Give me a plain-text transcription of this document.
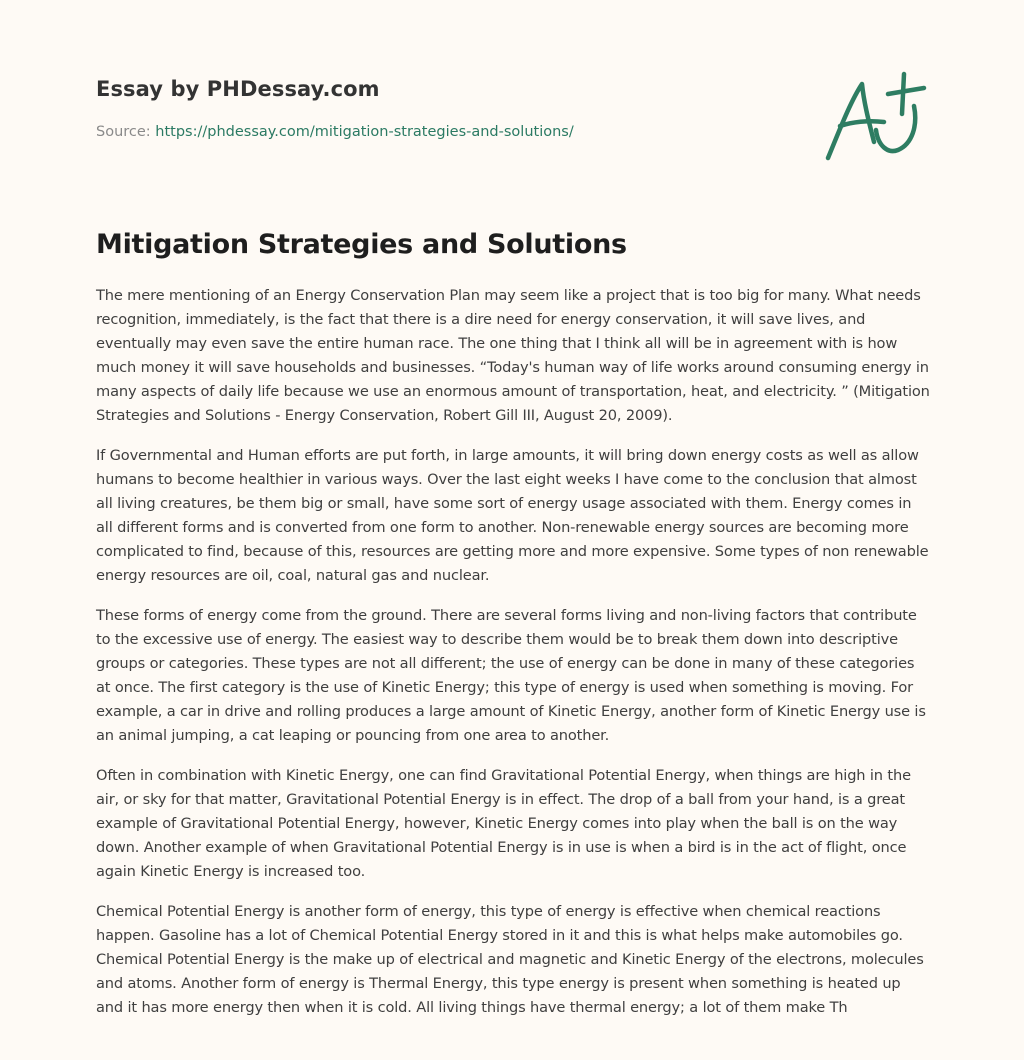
Essay by PHDessay.com
Source: https://phdessay.com/mitigation-strategies-and-solutions/
Mitigation Strategies and Solutions

The mere mentioning of an Energy Conservation Plan may seem like a project that is too big for many. What needs recognition, immediately, is the fact that there is a dire need for energy conservation, it will save lives, and eventually may even save the entire human race. The one thing that I think all will be in agreement with is how much money it will save households and businesses. “Today's human way of life works around consuming energy in many aspects of daily life because we use an enormous amount of transportation, heat, and electricity. ” (Mitigation Strategies and Solutions - Energy Conservation, Robert Gill III, August 20, 2009).

If Governmental and Human efforts are put forth, in large amounts, it will bring down energy costs as well as allow humans to become healthier in various ways. Over the last eight weeks I have come to the conclusion that almost all living creatures, be them big or small, have some sort of energy usage associated with them. Energy comes in all different forms and is converted from one form to another. Non-renewable energy sources are becoming more complicated to find, because of this, resources are getting more and more expensive. Some types of non renewable energy resources are oil, coal, natural gas and nuclear.

These forms of energy come from the ground. There are several forms living and non-living factors that contribute to the excessive use of energy. The easiest way to describe them would be to break them down into descriptive groups or categories. These types are not all different; the use of energy can be done in many of these categories at once. The first category is the use of Kinetic Energy; this type of energy is used when something is moving. For example, a car in drive and rolling produces a large amount of Kinetic Energy, another form of Kinetic Energy use is an animal jumping, a cat leaping or pouncing from one area to another.

Often in combination with Kinetic Energy, one can find Gravitational Potential Energy, when things are high in the air, or sky for that matter, Gravitational Potential Energy is in effect. The drop of a ball from your hand, is a great example of Gravitational Potential Energy, however, Kinetic Energy comes into play when the ball is on the way down. Another example of when Gravitational Potential Energy is in use is when a bird is in the act of flight, once again Kinetic Energy is increased too.

Chemical Potential Energy is another form of energy, this type of energy is effective when chemical reactions happen. Gasoline has a lot of Chemical Potential Energy stored in it and this is what helps make automobiles go. Chemical Potential Energy is the make up of electrical and magnetic and Kinetic Energy of the electrons, molecules and atoms. Another form of energy is Thermal Energy, this type energy is present when something is heated up and it has more energy then when it is cold. All living things have thermal energy; a lot of them make Th
